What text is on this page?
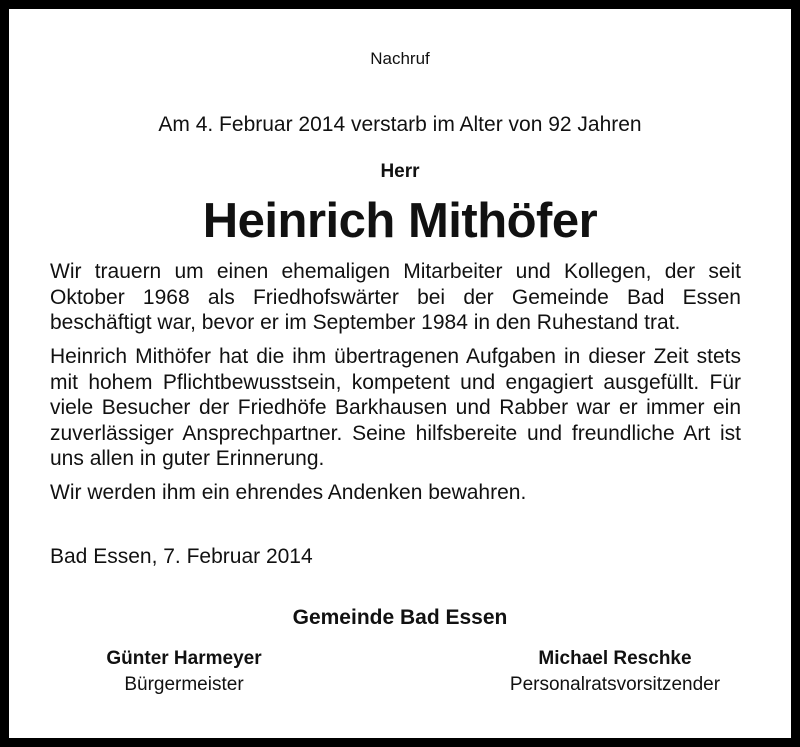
Nachruf
Am 4. Februar 2014 verstarb im Alter von 92 Jahren
Herr
Heinrich Mithöfer
Wir trauern um einen ehemaligen Mitarbeiter und Kollegen, der seit Oktober 1968 als Friedhofswärter bei der Gemeinde Bad Essen beschäftigt war, bevor er im September 1984 in den Ruhestand trat.
Heinrich Mithöfer hat die ihm übertragenen Aufgaben in dieser Zeit stets mit hohem Pflichtbewusstsein, kompetent und engagiert ausgefüllt. Für viele Besucher der Friedhöfe Barkhausen und Rabber war er immer ein zuverlässiger Ansprechpartner. Seine hilfsbereite und freundliche Art ist uns allen in guter Erinnerung.
Wir werden ihm ein ehrendes Andenken bewahren.
Bad Essen, 7. Februar 2014
Gemeinde Bad Essen
Günter Harmeyer
Bürgermeister
Michael Reschke
Personalratsvorsitzender
